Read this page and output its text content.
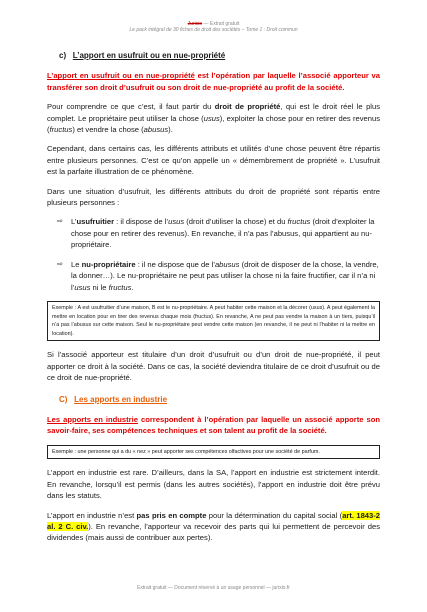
Jurixio — Extrait gratuit
Le pack intégral de 30 fiches de droit des sociétés – Tome 1 : Droit commun
c) L’apport en usufruit ou en nue-propriété

L’apport en usufruit ou en nue-propriété est l’opération par laquelle l’associé apporteur va transférer son droit d’usufruit ou son droit de nue-propriété au profit de la société.

Pour comprendre ce que c’est, il faut partir du droit de propriété, qui est le droit réel le plus complet. Le propriétaire peut utiliser la chose (usus), exploiter la chose pour en retirer des revenus (fructus) et vendre la chose (abusus).

Cependant, dans certains cas, les différents attributs et utilités d’une chose peuvent être répartis entre plusieurs personnes. C’est ce qu’on appelle un « démembrement de propriété ». L’usufruit est la parfaite illustration de ce phénomène.

Dans une situation d’usufruit, les différents attributs du droit de propriété sont répartis entre plusieurs personnes :

⇨ L’usufruitier : il dispose de l’usus (droit d’utiliser la chose) et du fructus (droit d’exploiter la chose pour en retirer des revenus). En revanche, il n’a pas l’abusus, qui appartient au nu-propriétaire.
⇨ Le nu-propriétaire : il ne dispose que de l’abusus (droit de disposer de la chose, la vendre, la donner…). Le nu-propriétaire ne peut pas utiliser la chose ni la faire fructifier, car il n’a ni l’usus ni le fructus.
Exemple : A est usufruitier d’une maison, B est le nu-propriétaire. A peut habiter cette maison et la décorer (usus). A peut également la mettre en location pour en tirer des revenus chaque mois (fructus). En revanche, A ne peut pas vendre la maison à un tiers, puisqu’il n’a pas l’abusus sur cette maison. Seul le nu-propriétaire peut vendre cette maison (en revanche, il ne peut ni l’habiter ni la mettre en location).

Si l’associé apporteur est titulaire d’un droit d’usufruit ou d’un droit de nue-propriété, il peut apporter ce droit à la société. Dans ce cas, la société deviendra titulaire de ce droit d’usufruit ou de ce droit de nue-propriété.

C) Les apports en industrie

Les apports en industrie correspondent à l’opération par laquelle un associé apporte son savoir-faire, ses compétences techniques et son talent au profit de la société.

Exemple : une personne qui a du « nez » peut apporter ses compétences olfactives pour une société de parfum.

L’apport en industrie est rare. D’ailleurs, dans la SA, l’apport en industrie est strictement interdit. En revanche, lorsqu’il est permis (dans les autres sociétés), l’apport en industrie doit être prévu dans les statuts.

L’apport en industrie n’est pas pris en compte pour la détermination du capital social (art. 1843-2 al. 2 C. civ.). En revanche, l’apporteur va recevoir des parts qui lui permettent de percevoir des dividendes (mais aussi de contribuer aux pertes).

Extrait gratuit — Document réservé à un usage personnel — jurixio.fr
